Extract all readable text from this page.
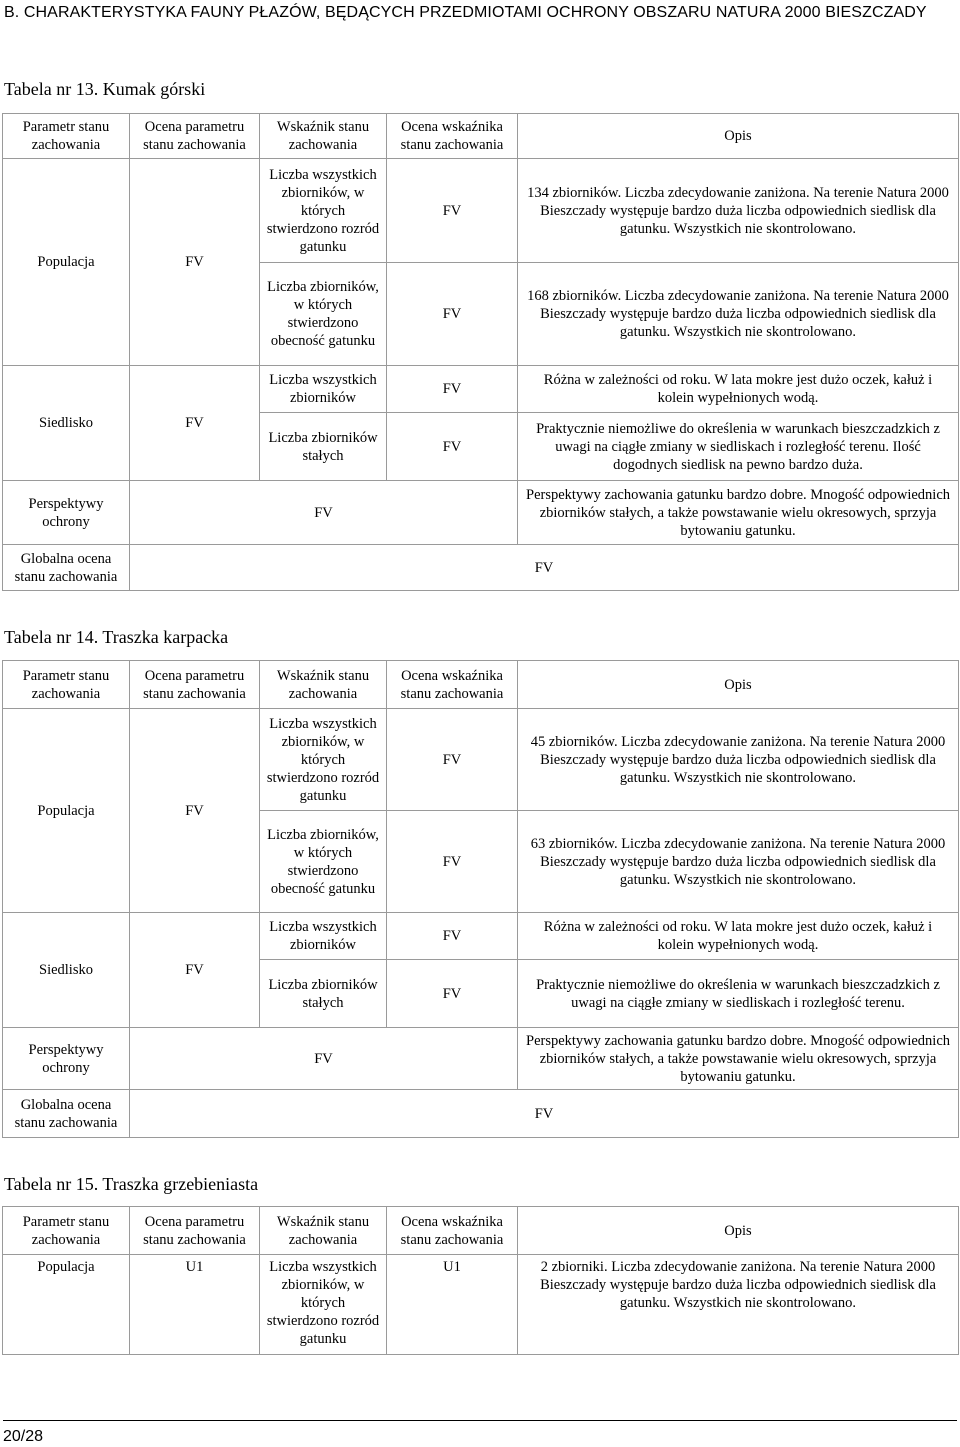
B. CHARAKTERYSTYKA FAUNY PŁAZÓW, BĘDĄCYCH PRZEDMIOTAMI OCHRONY OBSZARU NATURA 2000 BIESZCZADY
Tabela nr 13. Kumak górski
Parametr stanu zachowania	Ocena parametru stanu zachowania	Wskaźnik stanu zachowania	Ocena wskaźnika stanu zachowania	Opis
Populacja	FV	Liczba wszystkich zbiorników, w których stwierdzono rozród gatunku	FV	134 zbiorników. Liczba zdecydowanie zaniżona. Na terenie Natura 2000 Bieszczady występuje bardzo duża liczba odpowiednich siedlisk dla gatunku. Wszystkich nie skontrolowano.
		Liczba zbiorników, w których stwierdzono obecność gatunku	FV	168 zbiorników. Liczba zdecydowanie zaniżona. Na terenie Natura 2000 Bieszczady występuje bardzo duża liczba odpowiednich siedlisk dla gatunku. Wszystkich nie skontrolowano.
Siedlisko	FV	Liczba wszystkich zbiorników	FV	Różna w zależności od roku. W lata mokre jest dużo oczek, kałuż i kolein wypełnionych wodą.
		Liczba zbiorników stałych	FV	Praktycznie niemożliwe do określenia w warunkach bieszczadzkich z uwagi na ciągłe zmiany w siedliskach i rozległość terenu. Ilość dogodnych siedlisk na pewno bardzo duża.
Perspektywy ochrony	FV			Perspektywy zachowania gatunku bardzo dobre. Mnogość odpowiednich zbiorników stałych, a także powstawanie wielu okresowych, sprzyja bytowaniu gatunku.
Globalna ocena stanu zachowania	FV			
Tabela nr 14. Traszka karpacka
Parametr stanu zachowania	Ocena parametru stanu zachowania	Wskaźnik stanu zachowania	Ocena wskaźnika stanu zachowania	Opis
Populacja	FV	Liczba wszystkich zbiorników, w których stwierdzono rozród gatunku	FV	45 zbiorników. Liczba zdecydowanie zaniżona. Na terenie Natura 2000 Bieszczady występuje bardzo duża liczba odpowiednich siedlisk dla gatunku. Wszystkich nie skontrolowano.
		Liczba zbiorników, w których stwierdzono obecność gatunku	FV	63 zbiorników. Liczba zdecydowanie zaniżona. Na terenie Natura 2000 Bieszczady występuje bardzo duża liczba odpowiednich siedlisk dla gatunku. Wszystkich nie skontrolowano.
Siedlisko	FV	Liczba wszystkich zbiorników	FV	Różna w zależności od roku. W lata mokre jest dużo oczek, kałuż i kolein wypełnionych wodą.
		Liczba zbiorników stałych	FV	Praktycznie niemożliwe do określenia w warunkach bieszczadzkich z uwagi na ciągłe zmiany w siedliskach i rozległość terenu.
Perspektywy ochrony	FV			Perspektywy zachowania gatunku bardzo dobre. Mnogość odpowiednich zbiorników stałych, a także powstawanie wielu okresowych, sprzyja bytowaniu gatunku.
Globalna ocena stanu zachowania	FV			
Tabela nr 15. Traszka grzebieniasta
Parametr stanu zachowania	Ocena parametru stanu zachowania	Wskaźnik stanu zachowania	Ocena wskaźnika stanu zachowania	Opis
Populacja	U1	Liczba wszystkich zbiorników, w których stwierdzono rozród gatunku	U1	2 zbiorniki. Liczba zdecydowanie zaniżona. Na terenie Natura 2000 Bieszczady występuje bardzo duża liczba odpowiednich siedlisk dla gatunku. Wszystkich nie skontrolowano.
20/28
